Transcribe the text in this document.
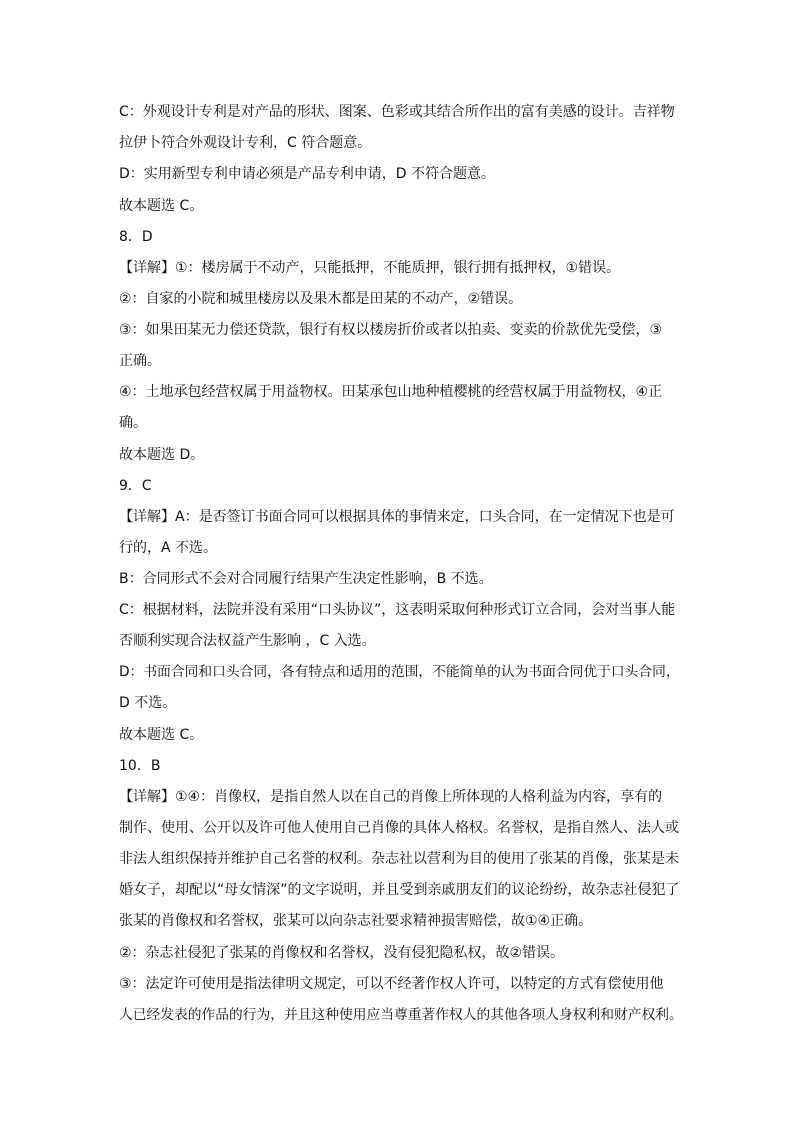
C：外观设计专利是对产品的形状、图案、色彩或其结合所作出的富有美感的设计。吉祥物
拉伊卜符合外观设计专利，C 符合题意。
D：实用新型专利申请必须是产品专利申请，D 不符合题意。
故本题选 C。
8．D
【详解】①：楼房属于不动产，只能抵押，不能质押，银行拥有抵押权，①错误。
②：自家的小院和城里楼房以及果木都是田某的不动产，②错误。
③：如果田某无力偿还贷款，银行有权以楼房折价或者以拍卖、变卖的价款优先受偿，③
正确。
④：土地承包经营权属于用益物权。田某承包山地种植樱桃的经营权属于用益物权，④正
确。
故本题选 D。
9．C
【详解】A：是否签订书面合同可以根据具体的事情来定，口头合同，在一定情况下也是可
行的，A 不选。
B：合同形式不会对合同履行结果产生决定性影响，B 不选。
C：根据材料，法院并没有采用“口头协议”，这表明采取何种形式订立合同，会对当事人能
否顺利实现合法权益产生影响 ，C 入选。
D：书面合同和口头合同，各有特点和适用的范围，不能简单的认为书面合同优于口头合同，
D 不选。
故本题选 C。
10．B
【详解】①④：肖像权，是指自然人以在自己的肖像上所体现的人格利益为内容，享有的
制作、使用、公开以及许可他人使用自己肖像的具体人格权。名誉权，是指自然人、法人或
非法人组织保持并维护自己名誉的权利。杂志社以营利为目的使用了张某的肖像，张某是未
婚女子，却配以“母女情深”的文字说明，并且受到亲戚朋友们的议论纷纷，故杂志社侵犯了
张某的肖像权和名誉权，张某可以向杂志社要求精神损害赔偿，故①④正确。
②：杂志社侵犯了张某的肖像权和名誉权，没有侵犯隐私权，故②错误。
③：法定许可使用是指法律明文规定，可以不经著作权人许可，以特定的方式有偿使用他
人已经发表的作品的行为，并且这种使用应当尊重著作权人的其他各项人身权利和财产权利。
